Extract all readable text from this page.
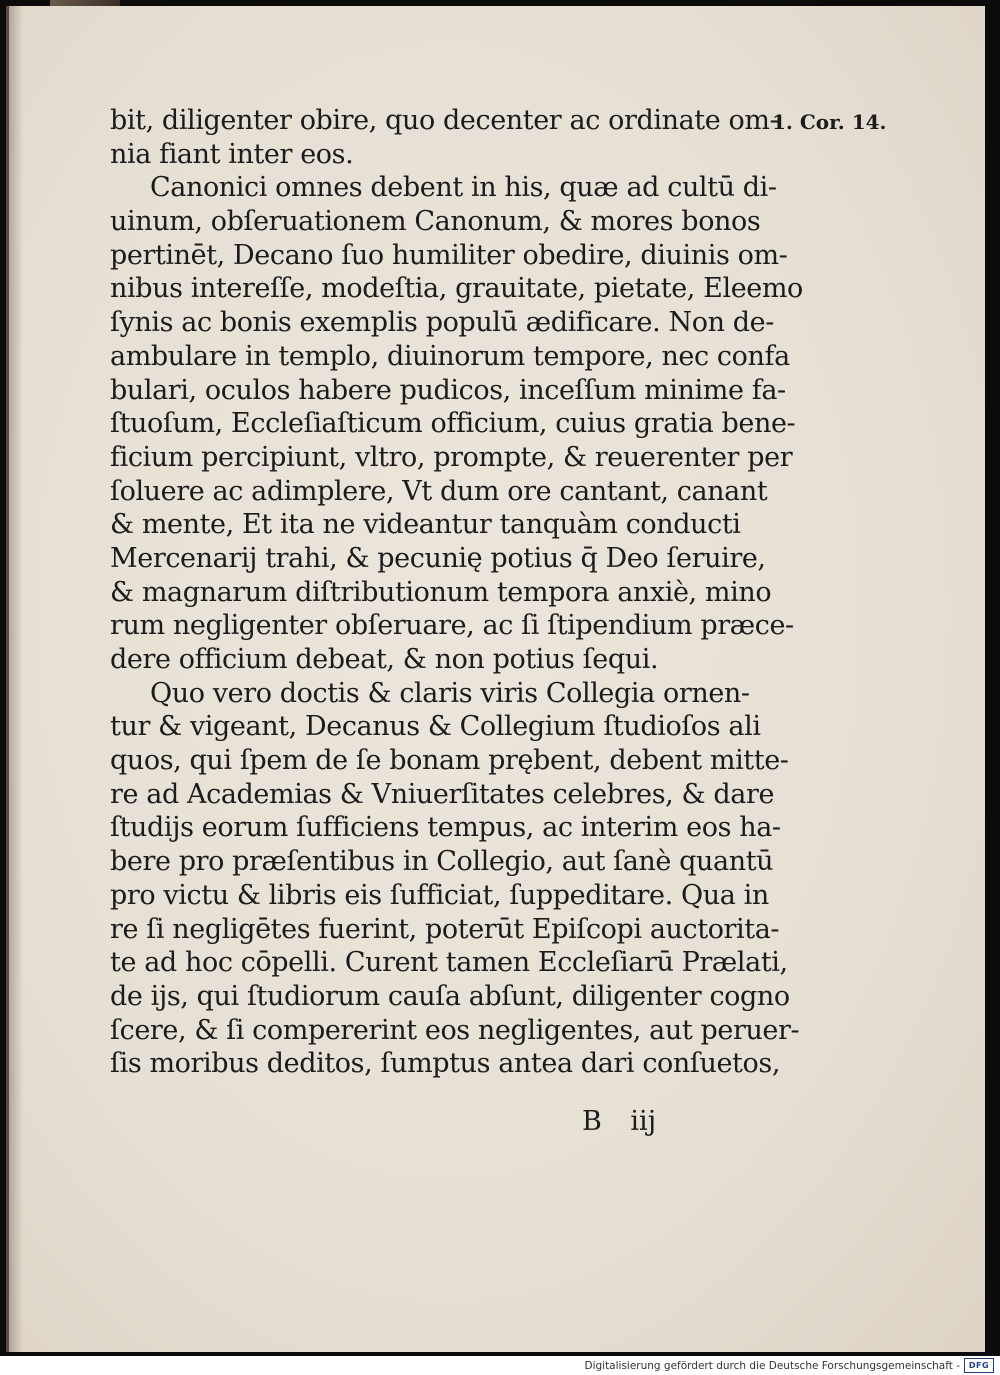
1. Cor. 14.
bit, diligenter obire, quo decenter ac ordinate om-
nia fiant inter eos.
Canonici omnes debent in his, quæ ad cultū di-
uinum, obſeruationem Canonum, & mores bonos
pertinēt, Decano ſuo humiliter obedire, diuinis om-
nibus intereſſe, modeſtia, grauitate, pietate, Eleemo
ſynis ac bonis exemplis populū ædificare. Non de-
ambulare in templo, diuinorum tempore, nec confa
bulari, oculos habere pudicos, inceſſum minime fa-
ſtuoſum, Eccleſiaſticum officium, cuius gratia bene-
ficium percipiunt, vltro, prompte, & reuerenter per
ſoluere ac adimplere, Vt dum ore cantant, canant
& mente, Et ita ne videantur tanquàm conducti
Mercenarij trahi, & pecunię potius q̄ Deo ſeruire,
& magnarum diſtributionum tempora anxiè, mino
rum negligenter obſeruare, ac ſi ſtipendium præce-
dere officium debeat, & non potius ſequi.
Quo vero doctis & claris viris Collegia ornen-
tur & vigeant, Decanus & Collegium ſtudioſos ali
quos, qui ſpem de ſe bonam prębent, debent mitte-
re ad Academias & Vniuerſitates celebres, & dare
ſtudijs eorum ſufficiens tempus, ac interim eos ha-
bere pro præſentibus in Collegio, aut ſanè quantū
pro victu & libris eis ſufficiat, ſuppeditare. Qua in
re ſi negligētes fuerint, poterūt Epiſcopi auctorita-
te ad hoc cōpelli. Curent tamen Eccleſiarū Prælati,
de ijs, qui ſtudiorum cauſa abſunt, diligenter cogno
ſcere, & ſi compererint eos negligentes, aut peruer-
ſis moribus deditos, ſumptus antea dari conſuetos,
B iij
Digitalisierung gefördert durch die Deutsche Forschungsgemeinschaft -	DFG
